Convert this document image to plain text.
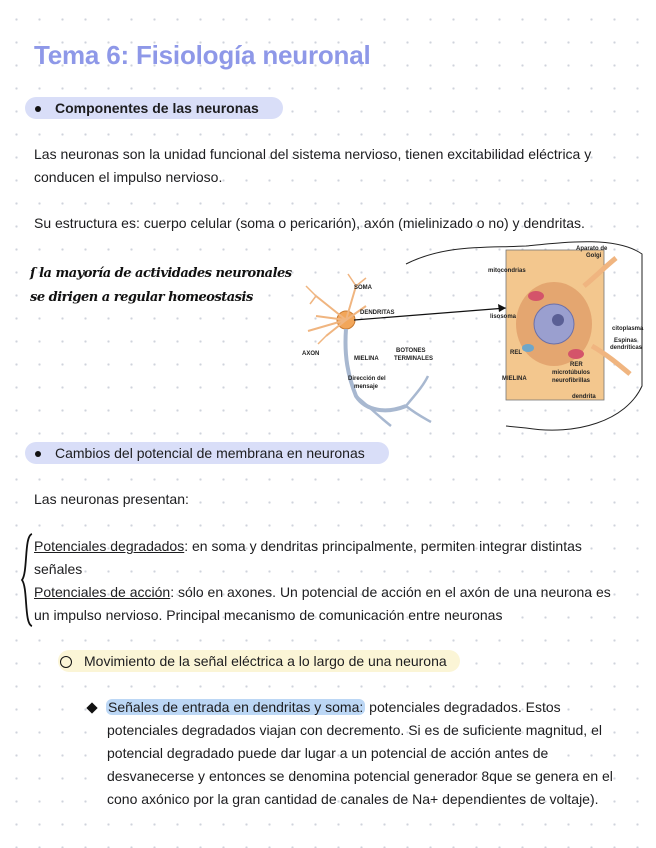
Tema 6: Fisiología neuronal
Componentes de las neuronas
Las neuronas son la unidad funcional del sistema nervioso, tienen excitabilidad eléctrica y
conducen el impulso nervioso.
Su estructura es: cuerpo celular (soma o pericarión), axón (mielinizado o no) y dendritas.
ſ la mayoría de actividades neuronales
se dirigen a regular homeostasis
SOMA
DENDRITAS
AXON
MIELINA
BOTONES
TERMINALES
Dirección del
mensaje
Aparato de
Golgi
mitocondrias
lisosoma
citoplasma
Espinas
dendríticas
REL
RER
microtúbulos
neurofibrillas
MIELINA
dendrita
Cambios del potencial de membrana en neuronas
Las neuronas presentan:
Potenciales degradados: en soma y dendritas principalmente, permiten integrar distintas
señales
Potenciales de acción: sólo en axones. Un potencial de acción en el axón de una neurona es
un impulso nervioso. Principal mecanismo de comunicación entre neuronas
Movimiento de la señal eléctrica a lo largo de una neurona
Señales de entrada en dendritas y soma: potenciales degradados. Estos
potenciales degradados viajan con decremento. Si es de suficiente magnitud, el
potencial degradado puede dar lugar a un potencial de acción antes de
desvanecerse y entonces se denomina potencial generador 8que se genera en el
cono axónico por la gran cantidad de canales de Na+ dependientes de voltaje).
